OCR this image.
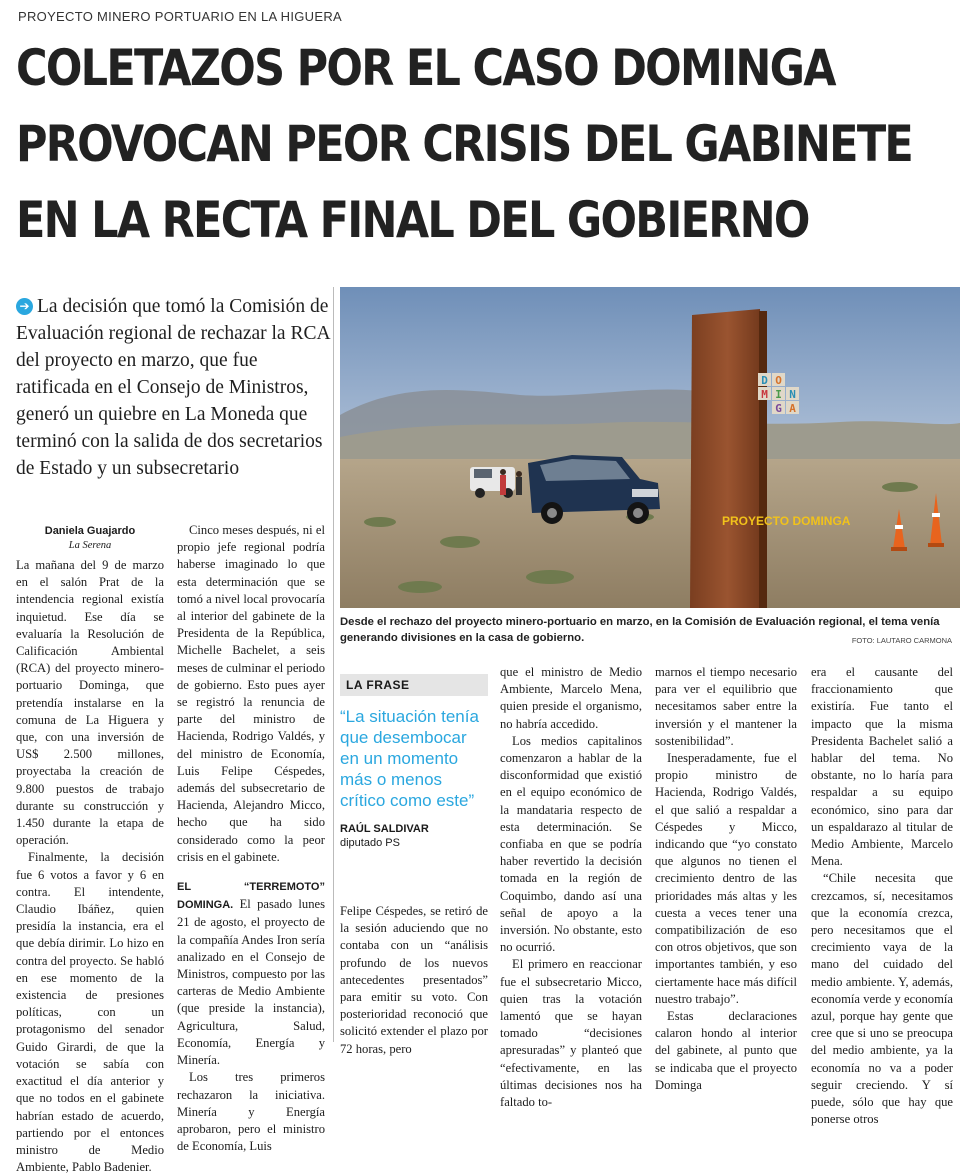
PROYECTO MINERO PORTUARIO EN LA HIGUERA
COLETAZOS POR EL CASO DOMINGA
PROVOCAN PEOR CRISIS DEL GABINETE
EN LA RECTA FINAL DEL GOBIERNO
➔ La decisión que tomó la Comisión de Evaluación regional de rechazar la RCA del proyecto en marzo, que fue ratificada en el Consejo de Ministros, generó un quiebre en La Moneda que terminó con la salida de dos secretarios de Estado y un subsecretario
D O
M I N
G A
PROYECTO DOMINGA
Desde el rechazo del proyecto minero-portuario en marzo, en la Comisión de Evaluación regional, el tema venía generando divisiones en la casa de gobierno.	FOTO: LAUTARO CARMONA
Daniela Guajardo
La Serena

La mañana del 9 de marzo en el salón Prat de la intendencia regional existía inquietud. Ese día se evaluaría la Resolución de Calificación Ambiental (RCA) del proyecto minero-portuario Dominga, que pretendía instalarse en la comuna de La Higuera y que, con una inversión de US$ 2.500 millones, proyectaba la creación de 9.800 puestos de trabajo durante su construcción y 1.450 durante la etapa de operación.

Finalmente, la decisión fue 6 votos a favor y 6 en contra. El intendente, Claudio Ibáñez, quien presidía la instancia, era el que debía dirimir. Lo hizo en contra del proyecto. Se habló en ese momento de la existencia de presiones políticas, con un protagonismo del senador Guido Girardi, de que la votación se sabía con exactitud el día anterior y que no todos en el gabinete habrían estado de acuerdo, partiendo por el entonces ministro de Medio Ambiente, Pablo Badenier.

Cinco meses después, ni el propio jefe regional podría haberse imaginado lo que esta determinación que se tomó a nivel local provocaría al interior del gabinete de la Presidenta de la República, Michelle Bachelet, a seis meses de culminar el periodo de gobierno. Esto pues ayer se registró la renuncia de parte del ministro de Hacienda, Rodrigo Valdés, y del ministro de Economía, Luis Felipe Céspedes, además del subsecretario de Hacienda, Alejandro Micco, hecho que ha sido considerado como la peor crisis en el gabinete.

EL “TERREMOTO” DOMINGA. El pasado lunes 21 de agosto, el proyecto de la compañía Andes Iron sería analizado en el Consejo de Ministros, compuesto por las carteras de Medio Ambiente (que preside la instancia), Agricultura, Salud, Economía, Energía y Minería.

Los tres primeros rechazaron la iniciativa. Minería y Energía aprobaron, pero el ministro de Economía, Luis

LA FRASE
“La situación tenía que desembocar en un momento más o menos crítico como este”
RAÚL SALDIVAR
diputado PS

Felipe Céspedes, se retiró de la sesión aduciendo que no contaba con un “análisis profundo de los nuevos antecedentes presentados” para emitir su voto. Con posterioridad reconoció que solicitó extender el plazo por 72 horas, pero

que el ministro de Medio Ambiente, Marcelo Mena, quien preside el organismo, no habría accedido.

Los medios capitalinos comenzaron a hablar de la disconformidad que existió en el equipo económico de la mandataria respecto de esta determinación. Se confiaba en que se podría haber revertido la decisión tomada en la región de Coquimbo, dando así una señal de apoyo a la inversión. No obstante, esto no ocurrió.

El primero en reaccionar fue el subsecretario Micco, quien tras la votación lamentó que se hayan tomado “decisiones apresuradas” y planteó que “efectivamente, en las últimas decisiones nos ha faltado to-

marnos el tiempo necesario para ver el equilibrio que necesitamos saber entre la inversión y el mantener la sostenibilidad”.

Inesperadamente, fue el propio ministro de Hacienda, Rodrigo Valdés, el que salió a respaldar a Céspedes y Micco, indicando que “yo constato que algunos no tienen el crecimiento dentro de las prioridades más altas y les cuesta a veces tener una compatibilización de eso con otros objetivos, que son importantes también, y eso ciertamente hace más difícil nuestro trabajo”.

Estas declaraciones calaron hondo al interior del gabinete, al punto que se indicaba que el proyecto Dominga

era el causante del fraccionamiento que existiría. Fue tanto el impacto que la misma Presidenta Bachelet salió a hablar del tema. No obstante, no lo haría para respaldar a su equipo económico, sino para dar un espaldarazo al titular de Medio Ambiente, Marcelo Mena.

“Chile necesita que crezcamos, sí, necesitamos que la economía crezca, pero necesitamos que el crecimiento vaya de la mano del cuidado del medio ambiente. Y, además, economía verde y economía azul, porque hay gente que cree que si uno se preocupa del medio ambiente, ya la economía no va a poder seguir creciendo. Y sí puede, sólo que hay que ponerse otros
